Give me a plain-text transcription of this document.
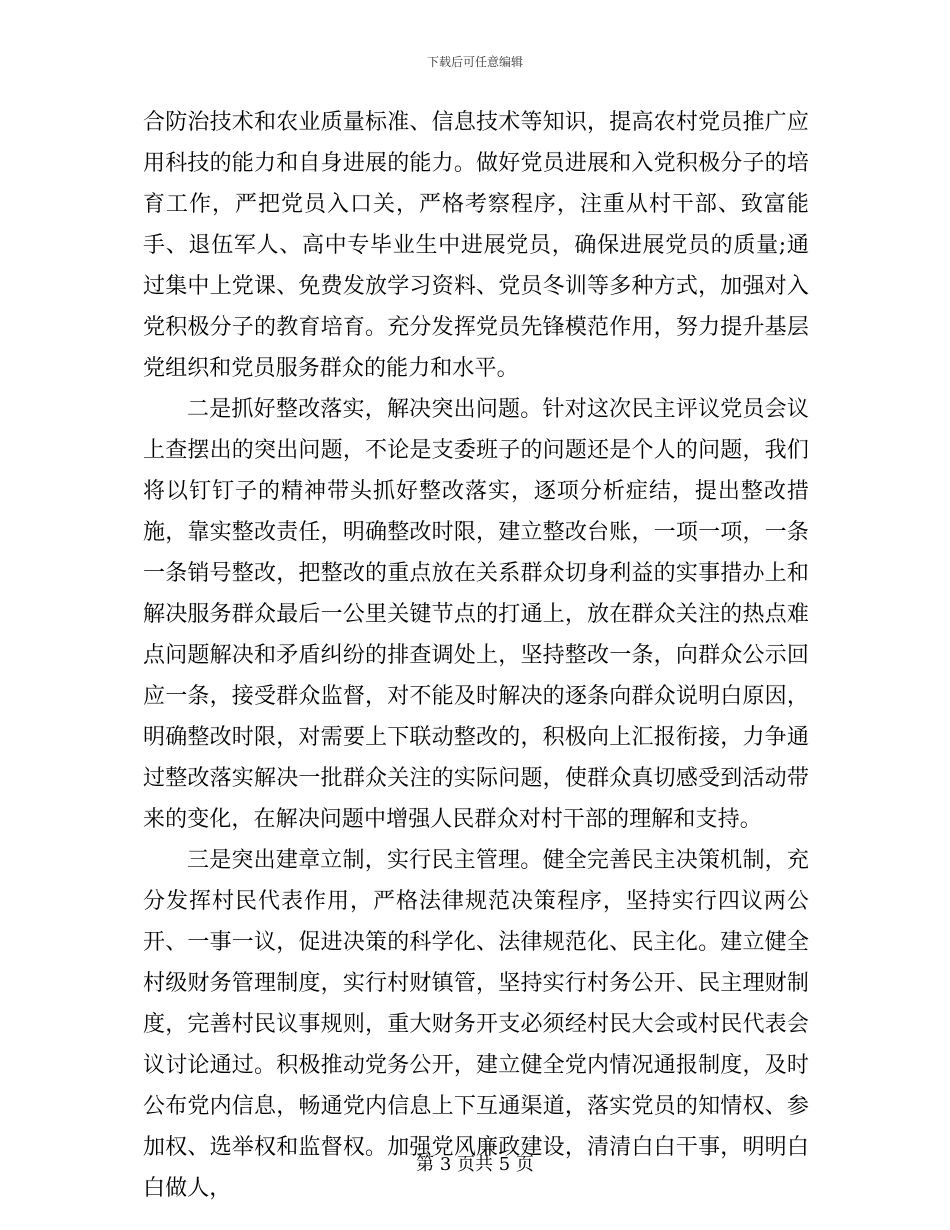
下载后可任意编辑

合防治技术和农业质量标准、信息技术等知识，提高农村党员推广应用科技的能力和自身进展的能力。做好党员进展和入党积极分子的培育工作，严把党员入口关，严格考察程序，注重从村干部、致富能手、退伍军人、高中专毕业生中进展党员，确保进展党员的质量;通过集中上党课、免费发放学习资料、党员冬训等多种方式，加强对入党积极分子的教育培育。充分发挥党员先锋模范作用，努力提升基层党组织和党员服务群众的能力和水平。

二是抓好整改落实，解决突出问题。针对这次民主评议党员会议上查摆出的突出问题，不论是支委班子的问题还是个人的问题，我们将以钉钉子的精神带头抓好整改落实，逐项分析症结，提出整改措施，靠实整改责任，明确整改时限，建立整改台账，一项一项，一条一条销号整改，把整改的重点放在关系群众切身利益的实事措办上和解决服务群众最后一公里关键节点的打通上，放在群众关注的热点难点问题解决和矛盾纠纷的排查调处上，坚持整改一条，向群众公示回应一条，接受群众监督，对不能及时解决的逐条向群众说明白原因，明确整改时限，对需要上下联动整改的，积极向上汇报衔接，力争通过整改落实解决一批群众关注的实际问题，使群众真切感受到活动带来的变化，在解决问题中增强人民群众对村干部的理解和支持。

三是突出建章立制，实行民主管理。健全完善民主决策机制，充分发挥村民代表作用，严格法律规范决策程序，坚持实行四议两公开、一事一议，促进决策的科学化、法律规范化、民主化。建立健全村级财务管理制度，实行村财镇管，坚持实行村务公开、民主理财制度，完善村民议事规则，重大财务开支必须经村民大会或村民代表会议讨论通过。积极推动党务公开，建立健全党内情况通报制度，及时公布党内信息，畅通党内信息上下互通渠道，落实党员的知情权、参加权、选举权和监督权。加强党风廉政建设，清清白白干事，明明白白做人，

第 3 页共 5 页
